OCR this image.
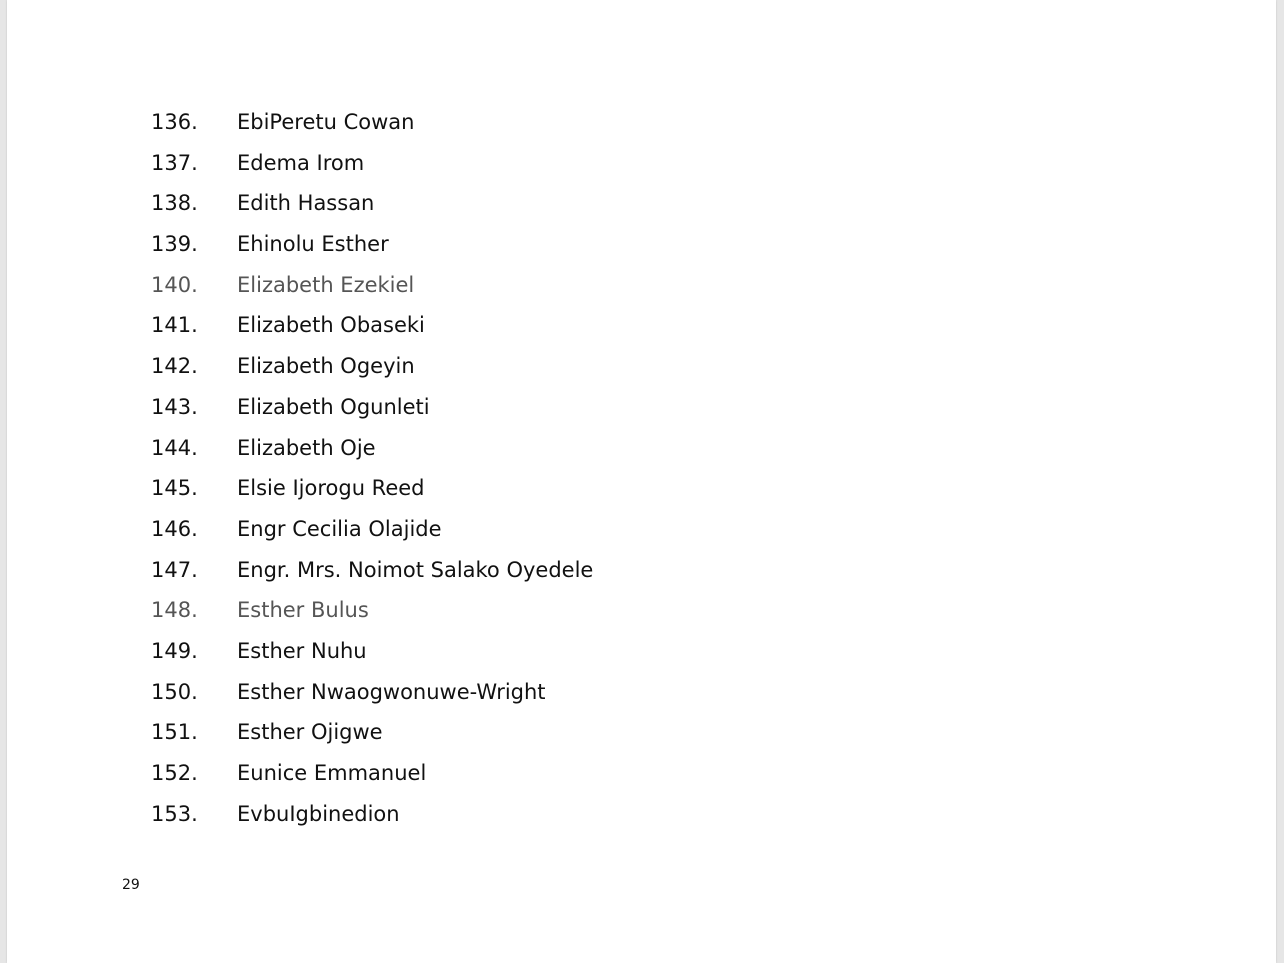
136. EbiPeretu Cowan
137. Edema Irom
138. Edith Hassan
139. Ehinolu Esther
140. Elizabeth Ezekiel
141. Elizabeth Obaseki
142. Elizabeth Ogeyin
143. Elizabeth Ogunleti
144. Elizabeth Oje
145. Elsie Ijorogu Reed
146. Engr Cecilia Olajide
147. Engr. Mrs. Noimot Salako Oyedele
148. Esther Bulus
149. Esther Nuhu
150. Esther Nwaogwonuwe-Wright
151. Esther Ojigwe
152. Eunice Emmanuel
153. EvbuIgbinedion
29
